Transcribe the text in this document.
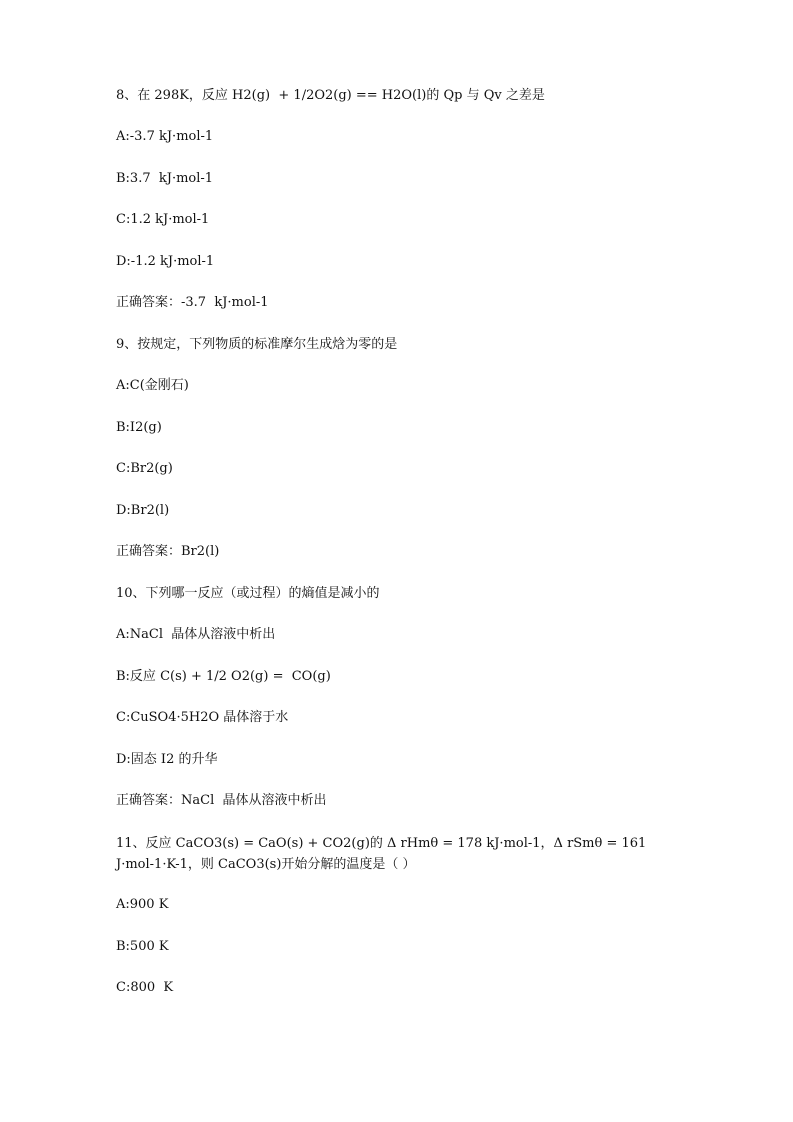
8、在 298K，反应 H2(g)  + 1/2O2(g) == H2O(l)的 Qp 与 Qv 之差是

A:-3.7 kJ·mol-1

B:3.7  kJ·mol-1

C:1.2 kJ·mol-1

D:-1.2 kJ·mol-1

正确答案：-3.7  kJ·mol-1

9、按规定，下列物质的标准摩尔生成焓为零的是

A:C(金刚石)

B:I2(g)

C:Br2(g)

D:Br2(l)

正确答案：Br2(l)

10、下列哪一反应（或过程）的熵值是减小的

A:NaCl  晶体从溶液中析出

B:反应 C(s) + 1/2 O2(g) =  CO(g)

C:CuSO4·5H2O 晶体溶于水

D:固态 I2 的升华

正确答案：NaCl  晶体从溶液中析出

11、反应 CaCO3(s) = CaO(s) + CO2(g)的 Δ rHmθ = 178 kJ·mol-1，Δ rSmθ = 161 J·mol-1·K-1，则 CaCO3(s)开始分解的温度是（ ）

A:900 K

B:500 K

C:800  K
